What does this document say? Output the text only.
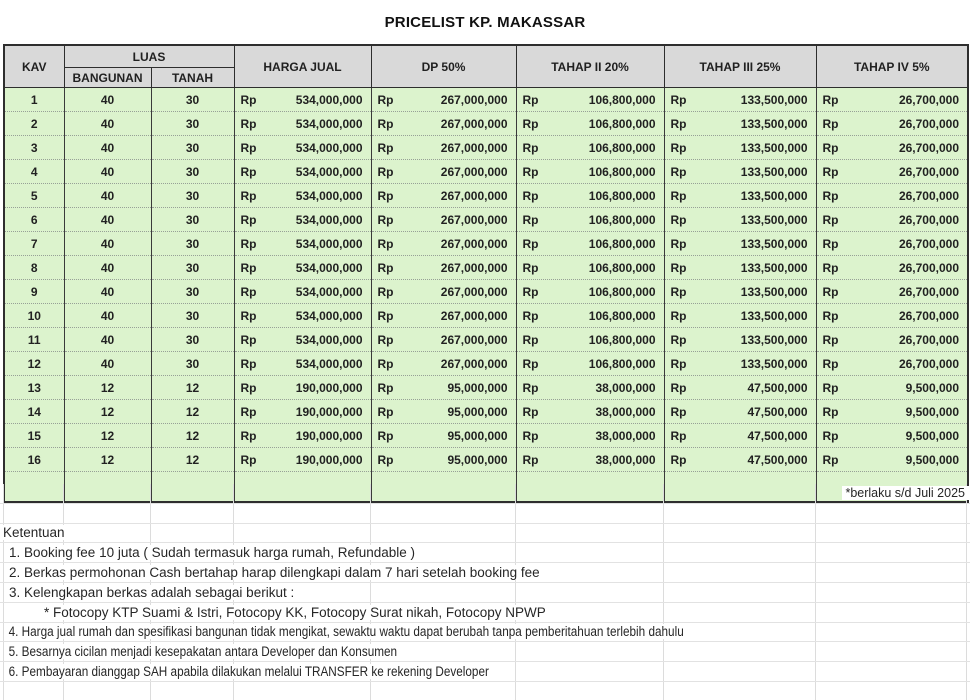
PRICELIST KP. MAKASSAR
KAV	LUAS		HARGA JUAL	DP 50%	TAHAP II 20%	TAHAP III 25%	TAHAP IV 5%
	BANGUNAN	TANAH					
1	40	30	Rp 534,000,000	Rp 267,000,000	Rp 106,800,000	Rp 133,500,000	Rp 26,700,000

2	40	30	Rp 534,000,000	Rp 267,000,000	Rp 106,800,000	Rp 133,500,000	Rp 26,700,000

3	40	30	Rp 534,000,000	Rp 267,000,000	Rp 106,800,000	Rp 133,500,000	Rp 26,700,000

4	40	30	Rp 534,000,000	Rp 267,000,000	Rp 106,800,000	Rp 133,500,000	Rp 26,700,000

5	40	30	Rp 534,000,000	Rp 267,000,000	Rp 106,800,000	Rp 133,500,000	Rp 26,700,000

6	40	30	Rp 534,000,000	Rp 267,000,000	Rp 106,800,000	Rp 133,500,000	Rp 26,700,000

7	40	30	Rp 534,000,000	Rp 267,000,000	Rp 106,800,000	Rp 133,500,000	Rp 26,700,000

8	40	30	Rp 534,000,000	Rp 267,000,000	Rp 106,800,000	Rp 133,500,000	Rp 26,700,000

9	40	30	Rp 534,000,000	Rp 267,000,000	Rp 106,800,000	Rp 133,500,000	Rp 26,700,000

10	40	30	Rp 534,000,000	Rp 267,000,000	Rp 106,800,000	Rp 133,500,000	Rp 26,700,000

11	40	30	Rp 534,000,000	Rp 267,000,000	Rp 106,800,000	Rp 133,500,000	Rp 26,700,000

12	40	30	Rp 534,000,000	Rp 267,000,000	Rp 106,800,000	Rp 133,500,000	Rp 26,700,000

13	12	12	Rp 190,000,000	Rp 95,000,000	Rp 38,000,000	Rp 47,500,000	Rp 9,500,000

14	12	12	Rp 190,000,000	Rp 95,000,000	Rp 38,000,000	Rp 47,500,000	Rp 9,500,000

15	12	12	Rp 190,000,000	Rp 95,000,000	Rp 38,000,000	Rp 47,500,000	Rp 9,500,000

16	12	12	Rp 190,000,000	Rp 95,000,000	Rp 38,000,000	Rp 47,500,000	Rp 9,500,000

*berlaku s/d Juli 2025
Ketentuan
1. Booking fee 10 juta ( Sudah termasuk harga rumah, Refundable )
2. Berkas permohonan Cash bertahap harap dilengkapi dalam 7 hari setelah booking fee
3. Kelengkapan berkas adalah sebagai berikut :
* Fotocopy KTP Suami & Istri, Fotocopy KK, Fotocopy Surat nikah, Fotocopy NPWP
4. Harga jual rumah dan spesifikasi bangunan tidak mengikat, sewaktu waktu dapat berubah tanpa pemberitahuan terlebih dahulu
5. Besarnya cicilan menjadi kesepakatan antara Developer dan Konsumen
6. Pembayaran dianggap SAH apabila dilakukan melalui TRANSFER ke rekening Developer
